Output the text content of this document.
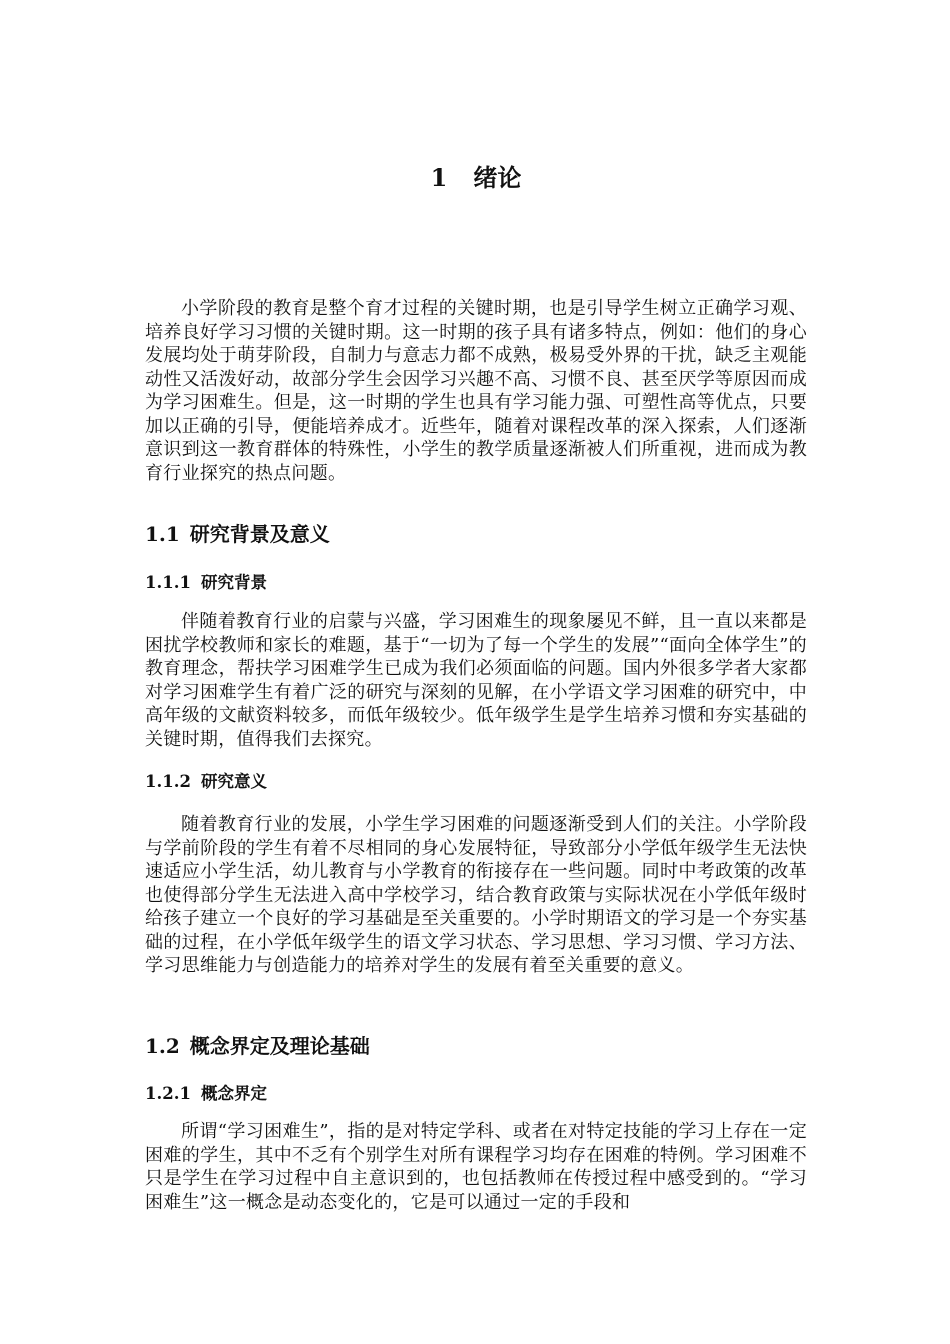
1 绪论

小学阶段的教育是整个育才过程的关键时期，也是引导学生树立正确学习观、培养良好学习习惯的关键时期。这一时期的孩子具有诸多特点，例如：他们的身心发展均处于萌芽阶段，自制力与意志力都不成熟，极易受外界的干扰，缺乏主观能动性又活泼好动，故部分学生会因学习兴趣不高、习惯不良、甚至厌学等原因而成为学习困难生。但是，这一时期的学生也具有学习能力强、可塑性高等优点，只要加以正确的引导，便能培养成才。近些年，随着对课程改革的深入探索，人们逐渐意识到这一教育群体的特殊性，小学生的教学质量逐渐被人们所重视，进而成为教育行业探究的热点问题。

1.1 研究背景及意义
1.1.1 研究背景

伴随着教育行业的启蒙与兴盛，学习困难生的现象屡见不鲜，且一直以来都是困扰学校教师和家长的难题，基于“一切为了每一个学生的发展”“面向全体学生”的教育理念，帮扶学习困难学生已成为我们必须面临的问题。国内外很多学者大家都对学习困难学生有着广泛的研究与深刻的见解，在小学语文学习困难的研究中，中高年级的文献资料较多，而低年级较少。低年级学生是学生培养习惯和夯实基础的关键时期，值得我们去探究。

1.1.2 研究意义

随着教育行业的发展，小学生学习困难的问题逐渐受到人们的关注。小学阶段与学前阶段的学生有着不尽相同的身心发展特征，导致部分小学低年级学生无法快速适应小学生活，幼儿教育与小学教育的衔接存在一些问题。同时中考政策的改革也使得部分学生无法进入高中学校学习，结合教育政策与实际状况在小学低年级时给孩子建立一个良好的学习基础是至关重要的。小学时期语文的学习是一个夯实基础的过程，在小学低年级学生的语文学习状态、学习思想、学习习惯、学习方法、学习思维能力与创造能力的培养对学生的发展有着至关重要的意义。

1.2 概念界定及理论基础
1.2.1 概念界定

所谓“学习困难生”，指的是对特定学科、或者在对特定技能的学习上存在一定困难的学生，其中不乏有个别学生对所有课程学习均存在困难的特例。学习困难不只是学生在学习过程中自主意识到的，也包括教师在传授过程中感受到的。“学习困难生”这一概念是动态变化的，它是可以通过一定的手段和
